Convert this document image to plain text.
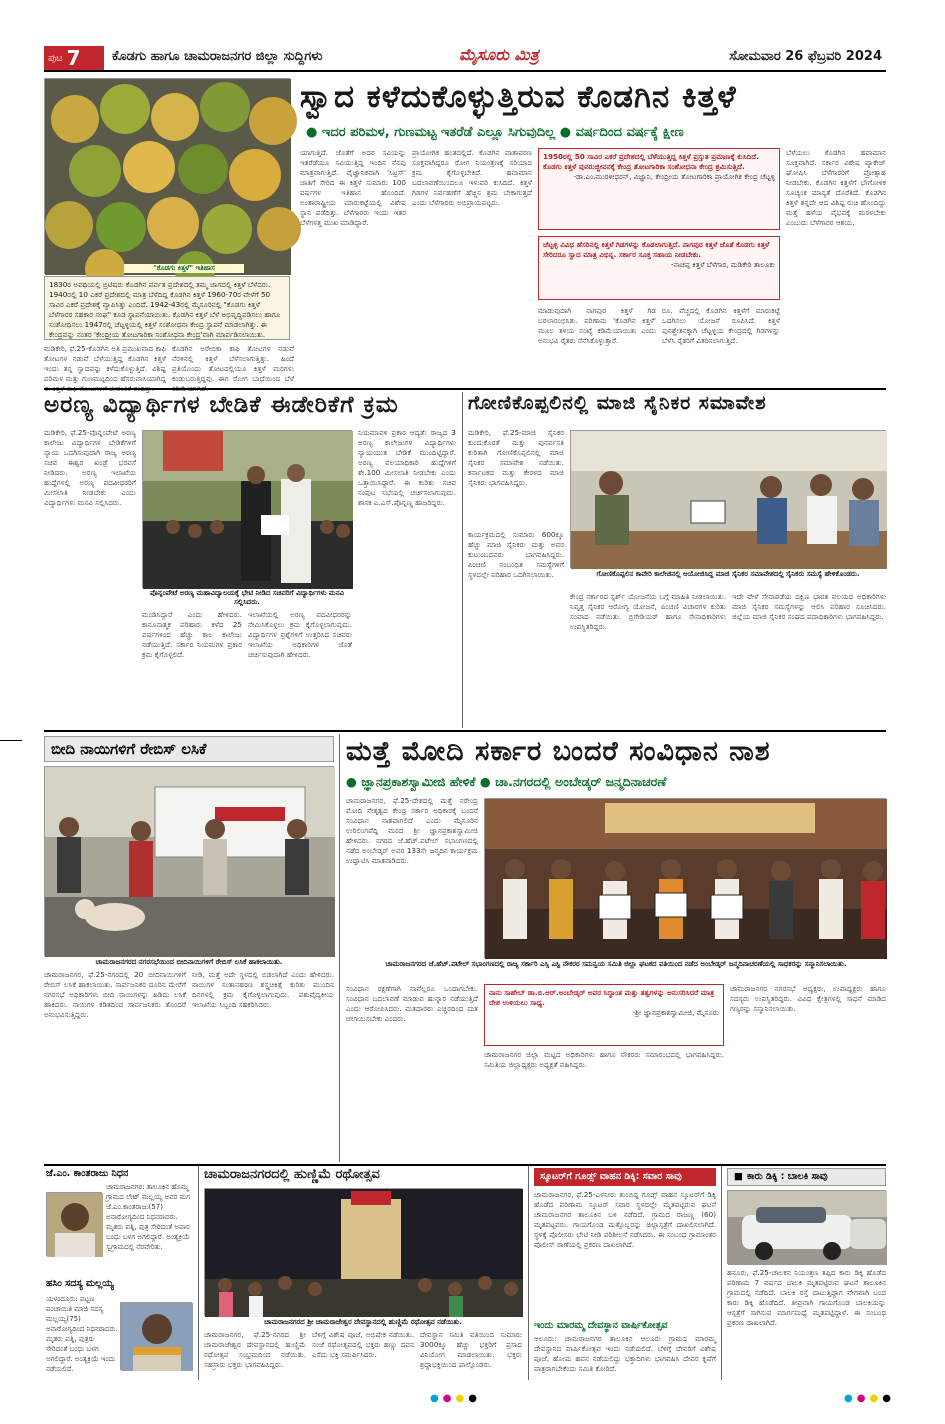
ಪುಟ 7 ಕೊಡಗು ಹಾಗೂ ಚಾಮರಾಜನಗರ ಜಿಲ್ಲಾ ಸುದ್ದಿಗಳು	ಮೈಸೂರು ಮಿತ್ರ	ಸೋಮವಾರ 26 ಫೆಬ್ರವರಿ 2024
"ಕೊಡಗು ಕಿತ್ತಳೆ" ಇತಿಹಾಸ
1830ರ ಅವಧಿಯಲ್ಲಿ ಬ್ರಿಟಿಷರು ಕೊಡಗಿನ ಪರ್ವತ ಪ್ರದೇಶದಲ್ಲಿ ತಮ್ಮ ಜಾಗದಲ್ಲಿ ಕಿತ್ತಳೆ ಬೆಳೆದರು. 1940ರಲ್ಲಿ 10 ಎಕರೆ ಪ್ರದೇಶದಲ್ಲಿ ಮಾತ್ರ ಬೆಳೆದಿದ್ದ ಕೊಡಗಿನ ಕಿತ್ತಳೆ 1960-70ರ ವೇಳೆಗೆ 50 ಸಾವಿರ ಎಕರೆ ಪ್ರದೇಶಕ್ಕೆ ವ್ಯಾಪಿಸಿತ್ತು ಎಂದಿದೆ. 1942-43ರಲ್ಲಿ ಮೈಸೂರಿನಲ್ಲಿ "ಕೊಡಗು ಕಿತ್ತಳೆ ಬೆಳೆಗಾರರ ಸಹಕಾರ ಸಂಘ" ಕೂಡ ಸ್ಥಾಪನೆಯಾಯಿತು. ಕೊಡಗಿನ ಕಿತ್ತಳೆ ಬೆಳೆ ಅಭಿವೃದ್ಧಿಪಡಿಸಲು ಹಾಗೂ ಸಂಶೋಧಿಸಲು 1947ರಲ್ಲಿ ಚೆಟ್ಟಳ್ಳಿಯಲ್ಲಿ ಕಿತ್ತಳೆ ಸಂಶೋಧನಾ ಕೇಂದ್ರ ಸ್ಥಾಪನೆ ಮಾಡಲಾಗಿತ್ತು. ಈ ಕೇಂದ್ರವನ್ನು ನಂತರ 'ಕೇಂದ್ರೀಯ ತೋಟಗಾರಿಕಾ ಸಂಶೋಧನಾ ಕೇಂದ್ರ'ವಾಗಿ ಮಾರ್ಪಡಿಸಲಾಯಿತು.
ಸ್ವಾದ ಕಳೆದುಕೊಳ್ಳುತ್ತಿರುವ ಕೊಡಗಿನ ಕಿತ್ತಳೆ
● ಇದರ ಪರಿಮಳ, ಗುಣಮಟ್ಟ ಇತರೆಡೆ ಎಲ್ಲೂ ಸಿಗುವುದಿಲ್ಲ ● ವರ್ಷದಿಂದ ವರ್ಷಕ್ಕೆ ಕ್ಷೀಣ
ಯಾಗುತ್ತಿದೆ. ಜೊತೆಗೆ ಅದರ ಸವಿಯನ್ನು ಇತರೆಡೆಯೂ ಸವಿಯುತ್ತಿದ್ದ ಇಂದಿನ ನೆನಪು ಮಾತ್ರವಾಗುತ್ತಿದೆ. ವೈಜ್ಞಾನಿಕವಾಗಿ 'ಸಿಟ್ರಸ್' ಜಾತಿಗೆ ಸೇರಿದ ಈ ಕಿತ್ತಳೆ ಸುಮಾರು 100 ವರ್ಷಗಳ ಇತಿಹಾಸ ಹೊಂದಿದೆ. ಅಂತಾರಾಷ್ಟ್ರೀಯ ಮಾರುಕಟ್ಟೆಯಲ್ಲಿ ವಿಶೇಷ ಸ್ಥಾನ ಪಡೆದಿತ್ತು. ಬೆಳೆಗಾರರು ಇಂದು ಇತರ ಬೆಳೆಗಳತ್ತ ಮುಖ ಮಾಡಿದ್ದಾರೆ.
ಪ್ರಾಯೋಗಿಕ ಹಂತದಲ್ಲಿದೆ. ಕೊಡಗಿನ ವಾತಾವರಣ ಸೂಕ್ತವಾಗಿದ್ದರೂ ರೋಗ ನಿಯಂತ್ರಣಕ್ಕೆ ಸರಿಯಾದ ಕ್ರಮ ಕೈಗೊಳ್ಳಬೇಕಿದೆ. ಹವಾಮಾನ ಬದಲಾವಣೆಯಿಂದಲೂ ಇಳುವರಿ ಕುಸಿದಿದೆ. ಕಿತ್ತಳೆ ಗಿಡಗಳ ನಿರ್ವಹಣೆಗೆ ಹೆಚ್ಚಿನ ಶ್ರಮ ಬೇಕಾಗುತ್ತದೆ ಎಂದು ಬೆಳೆಗಾರರು ಅಭಿಪ್ರಾಯಪಟ್ಟರು.
1950ರಲ್ಲಿ 50 ಸಾವಿರ ಎಕರೆ ಪ್ರದೇಶದಲ್ಲಿ ಬೆಳೆಯುತ್ತಿದ್ದ ಕಿತ್ತಳೆ ಪ್ರಸ್ತುತ ಪ್ರಮಾಣಕ್ಕೆ ಕುಸಿದಿದೆ. ಕೊಡಗು ಕಿತ್ತಳೆ ಪುನರುಜ್ಜೀವನಕ್ಕೆ ಕೇಂದ್ರ ತೋಟಗಾರಿಕಾ ಸಂಶೋಧನಾ ಕೇಂದ್ರ ಶ್ರಮಿಸುತ್ತಿದೆ.
-ಡಾ.ಎಂ.ಮುರಳೀಧರನ್, ವಿಜ್ಞಾನಿ, ಕೇಂದ್ರೀಯ ತೋಟಗಾರಿಕಾ ಪ್ರಾಯೋಗಿಕ ಕೇಂದ್ರ ಚೆಟ್ಟಳ್ಳಿ
ಚೆಟ್ಟಳ್ಳಿ ವಿವಿಧ ಹೆಸರಿನಲ್ಲಿ ಕಿತ್ತಳೆ ಗಿಡಗಳನ್ನು ಕೊಡಲಾಗುತ್ತಿದೆ. ನಾಗಪುರ ಕಿತ್ತಳೆ ಜೊತೆ ಕೊಡಗು ಕಿತ್ತಳೆ ಸೇರಿದರೂ ಸ್ವಾದ ಮಾತ್ರ ವಿಭಿನ್ನ. ಸರ್ಕಾರ ಸೂಕ್ತ ಸಹಾಯ ನೀಡಬೇಕು.
-ನಾಚಪ್ಪ ಕಿತ್ತಳೆ ಬೆಳೆಗಾರ, ಮಡಿಕೇರಿ ತಾಲೂಕು
ಮಾಡುವುದಾಗಿ ನಾಗಪುರ ಕಿತ್ತಳೆ ಗಿಡ ಬರಲಾರಂಭಿಸಿತು. ಪರಿಣಾಮ 'ಕೊಡಗಿನ ಕಿತ್ತಳೆ' ಮೂಲ ತಳಿಯ ಸಂಖ್ಯೆ ಕಡಿಮೆಯಾಯಿತು ಎಂದು ಅನುಭವಿ ರೈತರು ನೆನೆಸಿಕೊಳ್ಳುತ್ತಾರೆ.
ರೂ. ವೆಚ್ಚದಲ್ಲಿ ಕೊಡಗಿನ ಕಿತ್ತಳೆಗೆ ಮಾರುಕಟ್ಟೆ ಒದಗಿಸಲು ಯೋಜನೆ ರೂಪಿಸಿದೆ. ಕಿತ್ತಳೆ ಪುನಶ್ಚೇತನಕ್ಕಾಗಿ ಚೆಟ್ಟಳ್ಳಿಯ ಕೇಂದ್ರದಲ್ಲಿ ಗಿಡಗಳನ್ನು ಬೆಳೆಸಿ ರೈತರಿಗೆ ವಿತರಿಸಲಾಗುತ್ತಿದೆ.
ಬೆಳೆಯಲು ಕೊಡಗಿನ ಹವಾಮಾನ ಸೂಕ್ತವಾಗಿದೆ. ಸರ್ಕಾರ ವಿಶೇಷ ಪ್ಯಾಕೇಜ್ ಘೋಷಿಸಿ ಬೆಳೆಗಾರರಿಗೆ ಪ್ರೋತ್ಸಾಹ ನೀಡಬೇಕು. ಕೊಡಗಿನ ಕಿತ್ತಳೆಗೆ ಭೌಗೋಳಿಕ ಸೂಚ್ಯಂಕ ಮಾನ್ಯತೆ ದೊರೆತಿದೆ. ಕೊಡಗಿನ ಕಿತ್ತಳೆ ತನ್ನದೇ ಆದ ವಿಶಿಷ್ಟ ರುಚಿ ಹೊಂದಿದ್ದು ಮತ್ತೆ ಹಳೆಯ ವೈಭವಕ್ಕೆ ಮರಳಬೇಕು ಎಂಬುದು ಬೆಳೆಗಾರರ ಆಶಯ.
ಮಡಿಕೇರಿ, ಫೆ.25-ಕೊಡಗಿನ ಅತಿ ಪ್ರಮುಖವಾದ ಕಾಫಿ ತೋಟಗಳ ನಡುವೆ ಬೆಳೆಯುತ್ತಿದ್ದ ಕೊಡಗಿನ ಕಿತ್ತಳೆ ಇಂದು ತನ್ನ ಸ್ವಾದವನ್ನು ಕಳೆದುಕೊಳ್ಳುತ್ತಿದೆ. ವಿಶಿಷ್ಟ ಪರಿಮಳ ಮತ್ತು ಗುಣಮಟ್ಟದಿಂದ ಹೆಸರುವಾಸಿಯಾಗಿದ್ದ
ಕೊಡಗಿನ ಅರೇಬಿಕಾ ಕಾಫಿ ತೋಟಗಳ ನಡುವೆ ನೆರಳಿನಲ್ಲಿ ಕಿತ್ತಳೆ ಬೆಳೆಸಲಾಗುತ್ತಿತ್ತು. ಹಿಂದೆ ಪ್ರತಿಯೊಂದು ತೋಟದಲ್ಲಿಯೂ ಕಿತ್ತಳೆ ಮರಗಳು ಕಂಡುಬರುತ್ತಿದ್ದವು. ಈಗ ರೋಗ ಬಾಧೆಯಿಂದ ಬೆಳೆ
ಅರಣ್ಯ ವಿದ್ಯಾರ್ಥಿಗಳ ಬೇಡಿಕೆ ಈಡೇರಿಕೆಗೆ ಕ್ರಮ
ಮಡಿಕೇರಿ, ಫೆ.25-ಪೊನ್ನಂಪೇಟೆ ಅರಣ್ಯ ಕಾಲೇಜು ವಿದ್ಯಾರ್ಥಿಗಳ ಬೇಡಿಕೆಗಳಿಗೆ ನ್ಯಾಯ ಒದಗಿಸುವುದಾಗಿ ರಾಜ್ಯ ಅರಣ್ಯ ಸಚಿವ ಈಶ್ವರ ಖಂಡ್ರೆ ಭರವಸೆ ನೀಡಿದರು. ಅರಣ್ಯ ಇಲಾಖೆಯ ಹುದ್ದೆಗಳಲ್ಲಿ ಅರಣ್ಯ ಪದವೀಧರರಿಗೆ ಮೀಸಲಾತಿ ನೀಡಬೇಕು ಎಂದು ವಿದ್ಯಾರ್ಥಿಗಳು ಮನವಿ ಸಲ್ಲಿಸಿದರು.
ಪೊನ್ನಂಪೇಟೆ ಅರಣ್ಯ ಮಹಾವಿದ್ಯಾಲಯಕ್ಕೆ ಭೇಟಿ ನೀಡಿದ ಸಚಿವರಿಗೆ ವಿದ್ಯಾರ್ಥಿಗಳು ಮನವಿ ಸಲ್ಲಿಸಿದರು.
ಮಂಡಿಸಿದ್ದಾರೆ ಎಂದು ಹೇಳಿದರು. ಕಾನೂನಾತ್ಮಕ ಪರಿಹಾರ: ಕಳೆದ 25 ವರ್ಷಗಳಿಂದ ಹೆಚ್ಚು ಕಾಲ ಕಾಲೇಜು ನಡೆಯುತ್ತಿದೆ. ಸರ್ಕಾರ ನಿಯಮಗಳ ಪ್ರಕಾರ ಕ್ರಮ ಕೈಗೊಳ್ಳಲಿದೆ.
ಇಲಾಖೆಯಲ್ಲಿ ಅರಣ್ಯ ಪದವೀಧರರನ್ನು ನೇಮಿಸಿಕೊಳ್ಳಲು ಕ್ರಮ ಕೈಗೊಳ್ಳಲಾಗುವುದು. ವಿದ್ಯಾರ್ಥಿಗಳ ಪ್ರಶ್ನೆಗಳಿಗೆ ಉತ್ತರಿಸಿದ ಸಚಿವರು ಇಲಾಖೆಯ ಅಧಿಕಾರಿಗಳ ಜೊತೆ ಚರ್ಚಿಸುವುದಾಗಿ ಹೇಳಿದರು.
ನಿಯಮಾವಳಿ ಪ್ರಕಾರ ಆದ್ಯತೆ: ರಾಜ್ಯದ 3 ಅರಣ್ಯ ಕಾಲೇಜುಗಳ ವಿದ್ಯಾರ್ಥಿಗಳು ನ್ಯಾಯಯುತ ಬೇಡಿಕೆ ಮುಂದಿಟ್ಟಿದ್ದಾರೆ. ಅರಣ್ಯ ವಲಯಾಧಿಕಾರಿ ಹುದ್ದೆಗಳಿಗೆ ಶೇ.100 ಮೀಸಲಾತಿ ನೀಡಬೇಕು ಎಂದು ಒತ್ತಾಯಿಸಿದ್ದಾರೆ. ಈ ಕುರಿತು ಸಚಿವ ಸಂಪುಟ ಸಭೆಯಲ್ಲಿ ಚರ್ಚಿಸಲಾಗುವುದು. ಶಾಸಕ ಎ.ಎಸ್.ಪೊನ್ನಣ್ಣ ಹಾಜರಿದ್ದರು.
ಗೋಣಿಕೊಪ್ಪಲಿನಲ್ಲಿ ಮಾಜಿ ಸೈನಿಕರ ಸಮಾವೇಶ
ಮಡಿಕೇರಿ, ಫೆ.25-ಮಾಜಿ ಸೈನಿಕರ ಕುಂದುಕೊರತೆ ಮತ್ತು ಪುನರ್ವಸತಿ ಕುರಿತಾಗಿ ಗೋಣಿಕೊಪ್ಪಲಿನಲ್ಲಿ ಮಾಜಿ ಸೈನಿಕರ ಸಮಾವೇಶ ನಡೆಯಿತು. ಕರ್ನಾಟಕದ ಮತ್ತು ಕೇರಳದ ಮಾಜಿ ಸೈನಿಕರು ಭಾಗವಹಿಸಿದ್ದರು.
ಕಾರ್ಯಕ್ರಮದಲ್ಲಿ ಸುಮಾರು 600ಕ್ಕೂ ಹೆಚ್ಚು ಮಾಜಿ ಸೈನಿಕರು ಮತ್ತು ಅವರ ಕುಟುಂಬದವರು ಭಾಗವಹಿಸಿದ್ದರು. ಪಿಂಚಣಿ ಸಂಬಂಧಿತ ಸಮಸ್ಯೆಗಳಿಗೆ ಸ್ಥಳದಲ್ಲೇ ಪರಿಹಾರ ಒದಗಿಸಲಾಯಿತು.	ಗೋಣಿಕೊಪ್ಪಲಿನ ಕಾವೇರಿ ಕಾಲೇಜಿನಲ್ಲಿ ಆಯೋಜಿಸಿದ್ದ ಮಾಜಿ ಸೈನಿಕರ ಸಮಾವೇಶದಲ್ಲಿ ಸೈನಿಕರು ಸಮಸ್ಯೆ ಹೇಳಿಕೊಂಡರು.
ಕೇಂದ್ರ ಸರ್ಕಾರದ ಸ್ಪರ್ಶ್ ಯೋಜನೆಯ ಬಗ್ಗೆ ಮಾಹಿತಿ ನೀಡಲಾಯಿತು. ನಿವೃತ್ತ ಸೈನಿಕರ ಆರೋಗ್ಯ ಯೋಜನೆ, ಪಿಂಚಣಿ ವಿಚಾರಗಳ ಕುರಿತು ಸಂವಾದ ನಡೆಯಿತು. ಬ್ರಿಗೇಡಿಯರ್ ಹಾಗೂ ಸೇನಾಧಿಕಾರಿಗಳು ಉಪಸ್ಥಿತರಿದ್ದರು.
ಇದೇ ವೇಳೆ ಸೇನಾಪಡೆಯ ದಕ್ಷಿಣ ಭಾರತ ವಲಯದ ಅಧಿಕಾರಿಗಳು ಮಾಜಿ ಸೈನಿಕರ ಸಮಸ್ಯೆಗಳನ್ನು ಆಲಿಸಿ ಪರಿಹಾರ ಸೂಚಿಸಿದರು. ಜಿಲ್ಲೆಯ ಮಾಜಿ ಸೈನಿಕರ ಸಂಘದ ಪದಾಧಿಕಾರಿಗಳು ಭಾಗವಹಿಸಿದ್ದರು.
ಬೀದಿ ನಾಯಿಗಳಿಗೆ ರೇಬಿಸ್ ಲಸಿಕೆ
ಚಾಮರಾಜನಗರದ ನಗರಸಭೆಯಿಂದ ಬೀದಿನಾಯಿಗಳಿಗೆ ರೇಬಿಸ್ ಲಸಿಕೆ ಹಾಕಲಾಯಿತು.
ಚಾಮರಾಜನಗರ, ಫೆ.25-ನಗರದಲ್ಲಿ 20 ಬೀದಿನಾಯಿಗಳಿಗೆ ರೇಬಿಸ್ ಲಸಿಕೆ ಹಾಕಲಾಯಿತು. ಸಾರ್ವಜನಿಕರ ದೂರಿನ ಮೇರೆಗೆ ನಗರಸಭೆ ಅಧಿಕಾರಿಗಳು ಬೀದಿ ನಾಯಿಗಳನ್ನು ಹಿಡಿದು ಲಸಿಕೆ ಹಾಕಿದರು. ನಾಯಿಗಳ ಕಡಿತದಿಂದ ಸಾರ್ವಜನಿಕರು ತೊಂದರೆ ಅನುಭವಿಸುತ್ತಿದ್ದರು.
ನೀಡಿ, ಮತ್ತೆ ಅದೇ ಸ್ಥಳದಲ್ಲಿ ಬಿಡಲಾಗಿದೆ ಎಂದು ಹೇಳಿದರು. ನಾಯಿಗಳ ಸಂತಾನಹರಣ ಶಸ್ತ್ರಚಿಕಿತ್ಸೆ ಕುರಿತು ಮುಂದಿನ ದಿನಗಳಲ್ಲಿ ಕ್ರಮ ಕೈಗೊಳ್ಳಲಾಗುವುದು. ಪಶುವೈದ್ಯಕೀಯ ಇಲಾಖೆಯ ಸಿಬ್ಬಂದಿ ಸಹಕರಿಸಿದರು.
ಮತ್ತೆ ಮೋದಿ ಸರ್ಕಾರ ಬಂದರೆ ಸಂವಿಧಾನ ನಾಶ
● ಜ್ಞಾನಪ್ರಕಾಶಸ್ವಾಮೀಜಿ ಹೇಳಿಕೆ ● ಚಾ.ನಗರದಲ್ಲಿ ಅಂಬೇಡ್ಕರ್ ಜನ್ಮದಿನಾಚರಣೆ
ಚಾಮರಾಜನಗರ, ಫೆ.25-ದೇಶದಲ್ಲಿ ಮತ್ತೆ ನರೇಂದ್ರ ಮೋದಿ ನೇತೃತ್ವದ ಕೇಂದ್ರ ಸರ್ಕಾರ ಅಧಿಕಾರಕ್ಕೆ ಬಂದರೆ ಸಂವಿಧಾನ ನಾಶವಾಗಲಿದೆ ಎಂದು ಮೈಸೂರಿನ ಉರಿಲಿಂಗಪೆದ್ದಿ ಮಠದ ಶ್ರೀ ಜ್ಞಾನಪ್ರಕಾಶಸ್ವಾಮೀಜಿ ಹೇಳಿದರು. ನಗರದ ಜೆ.ಹೆಚ್.ಪಟೇಲ್ ಸಭಾಂಗಣದಲ್ಲಿ ನಡೆದ ಅಂಬೇಡ್ಕರ್ ಅವರ 133ನೇ ಜನ್ಮದಿನ ಕಾರ್ಯಕ್ರಮ ಉದ್ಘಾಟಿಸಿ ಮಾತನಾಡಿದರು.
ಚಾಮರಾಜನಗರದ ಜೆ.ಹೆಚ್.ಪಟೇಲ್ ಸಭಾಂಗಣದಲ್ಲಿ ರಾಜ್ಯ ಸರ್ಕಾರಿ ಎಸ್ಸಿ ಎಸ್ಟಿ ನೌಕರರ ಸಮನ್ವಯ ಸಮಿತಿ ಜಿಲ್ಲಾ ಘಟಕದ ವತಿಯಿಂದ ನಡೆದ ಅಂಬೇಡ್ಕರ್ ಜನ್ಮದಿನಾಚರಣೆಯಲ್ಲಿ ಸಾಧಕರನ್ನು ಸನ್ಮಾನಿಸಲಾಯಿತು.
ಸಂವಿಧಾನ ರಕ್ಷಣೆಗಾಗಿ ನಾವೆಲ್ಲರೂ ಒಂದಾಗಬೇಕು. ಸಂವಿಧಾನ ಬದಲಾವಣೆ ಮಾಡುವ ಹುನ್ನಾರ ನಡೆಯುತ್ತಿದೆ ಎಂದು ಆರೋಪಿಸಿದರು. ಮತದಾರರು ಎಚ್ಚರದಿಂದ ಮತ ಚಲಾಯಿಸಬೇಕು ಎಂದರು.
ನಾನು ಸಾಹೇಬ್ ಡಾ.ಬಿ.ಆರ್.ಅಂಬೇಡ್ಕರ್ ಅವರ ಸಿದ್ಧಾಂತ ಮತ್ತು ತತ್ವಗಳನ್ನು ಅನುಸರಿಸಿದರೆ ಮಾತ್ರ ದೇಶ ಉಳಿಯಲು ಸಾಧ್ಯ.
-ಶ್ರೀ ಜ್ಞಾನಪ್ರಕಾಶಸ್ವಾಮೀಜಿ, ಮೈಸೂರು
ಚಾಮರಾಜನಗರ ಜಿಲ್ಲಾ ಮಟ್ಟದ ಅಧಿಕಾರಿಗಳು ಹಾಗೂ ನೌಕರರು ಸಮಾರಂಭದಲ್ಲಿ ಭಾಗವಹಿಸಿದ್ದರು. ಸಮಿತಿಯ ಜಿಲ್ಲಾಧ್ಯಕ್ಷರು ಅಧ್ಯಕ್ಷತೆ ವಹಿಸಿದ್ದರು.
ಚಾಮರಾಜನಗರ ನಗರಸಭೆ ಅಧ್ಯಕ್ಷರು, ಉಪಾಧ್ಯಕ್ಷರು ಹಾಗೂ ಸದಸ್ಯರು ಉಪಸ್ಥಿತರಿದ್ದರು. ವಿವಿಧ ಕ್ಷೇತ್ರಗಳಲ್ಲಿ ಸಾಧನೆ ಮಾಡಿದ ಗಣ್ಯರನ್ನು ಸನ್ಮಾನಿಸಲಾಯಿತು.
ಜೆ.ಎಂ. ಕಾಂತರಾಜು ನಿಧನ
ಚಾಮರಾಜನಗರ: ತಾಲೂಕಿನ ಹೊಮ್ಮ ಗ್ರಾಮದ ಲೇಟ್ ಮಲ್ಲಯ್ಯ ಅವರ ಮಗ ಜೆ.ಎಂ.ಕಾಂತರಾಜು(57) ಅನಾರೋಗ್ಯದಿಂದ ನಿಧನರಾದರು. ಮೃತರು ಪತ್ನಿ, ಪುತ್ರ ಸೇರಿದಂತೆ ಅಪಾರ ಬಂಧು ಬಳಗ ಅಗಲಿದ್ದಾರೆ. ಅಂತ್ಯಕ್ರಿಯೆ ಸ್ವಗ್ರಾಮದಲ್ಲಿ ನೆರವೇರಿತು.
ಹಸಿಂ ಸದಸ್ಯ ಮಲ್ಲಯ್ಯ
ಯಳಂದೂರು: ಪಟ್ಟಣ ಪಂಚಾಯಿತಿ ಮಾಜಿ ಸದಸ್ಯ ಮಲ್ಲಯ್ಯ(75) ಅನಾರೋಗ್ಯದಿಂದ ನಿಧನರಾದರು. ಮೃತರು ಪತ್ನಿ, ಪುತ್ರರು ಸೇರಿದಂತೆ ಬಂಧು ಬಳಗ ಅಗಲಿದ್ದಾರೆ. ಅಂತ್ಯಕ್ರಿಯೆ ಇಂದು ನಡೆಯಲಿದೆ.
ಚಾಮರಾಜನಗರದಲ್ಲಿ ಹುಣ್ಣಿಮೆ ರಥೋತ್ಸವ
ಚಾಮರಾಜನಗರದ ಶ್ರೀ ಚಾಮರಾಜೇಶ್ವರ ದೇವಸ್ಥಾನದಲ್ಲಿ ಹುಣ್ಣಿಮೆ ರಥೋತ್ಸವ ನಡೆಯಿತು.
ಚಾಮರಾಜನಗರ, ಫೆ.25-ನಗರದ ಶ್ರೀ ಚಾಮರಾಜೇಶ್ವರ ದೇವಸ್ಥಾನದಲ್ಲಿ ಹುಣ್ಣಿಮೆ ರಥೋತ್ಸವ ಸಂಭ್ರಮದಿಂದ ನಡೆಯಿತು. ಸಹಸ್ರಾರು ಭಕ್ತರು ಭಾಗವಹಿಸಿದ್ದರು.
ಬೆಳಿಗ್ಗೆ ವಿಶೇಷ ಪೂಜೆ, ಅಭಿಷೇಕ ನಡೆಯಿತು. ಸಂಜೆ ರಥೋತ್ಸವದಲ್ಲಿ ಭಕ್ತರು ಹಣ್ಣು ದವನ ಎಸೆದು ಭಕ್ತಿ ಸಮರ್ಪಿಸಿದರು.
ದೇವಸ್ಥಾನ ಸಮಿತಿ ವತಿಯಿಂದ ಸುಮಾರು 3000ಕ್ಕೂ ಹೆಚ್ಚು ಭಕ್ತರಿಗೆ ಪ್ರಸಾದ ವಿನಿಯೋಗ ಮಾಡಲಾಯಿತು. ಭಕ್ತರು ಶ್ರದ್ಧಾಭಕ್ತಿಯಿಂದ ಪಾಲ್ಗೊಂಡರು.
ಸ್ಕೂಟರ್‌ಗೆ ಗೂಡ್ಸ್ ವಾಹನ ಡಿಕ್ಕಿ: ಸವಾರ ಸಾವು
ಚಾಮರಾಜನಗರ, ಫೆ.25-ಎಳನೀರು ತುಂಬಿದ್ದ ಗೂಡ್ಸ್ ವಾಹನ ಸ್ಕೂಟರ್‌ಗೆ ಡಿಕ್ಕಿ ಹೊಡೆದ ಪರಿಣಾಮ ಸ್ಕೂಟರ್ ಸವಾರ ಸ್ಥಳದಲ್ಲೇ ಮೃತಪಟ್ಟಿರುವ ಘಟನೆ ಚಾಮರಾಜನಗರ ತಾಲೂಕಿನ ಬಳಿ ನಡೆದಿದೆ. ಗ್ರಾಮದ ರಾಜಣ್ಣ (60) ಮೃತಪಟ್ಟವರು. ಗಾಯಗೊಂಡ ಮತ್ತೊಬ್ಬರನ್ನು ಜಿಲ್ಲಾಸ್ಪತ್ರೆಗೆ ದಾಖಲಿಸಲಾಗಿದೆ. ಸ್ಥಳಕ್ಕೆ ಪೊಲೀಸರು ಭೇಟಿ ನೀಡಿ ಪರಿಶೀಲನೆ ನಡೆಸಿದರು. ಈ ಸಂಬಂಧ ಗ್ರಾಮಾಂತರ ಪೊಲೀಸ್ ಠಾಣೆಯಲ್ಲಿ ಪ್ರಕರಣ ದಾಖಲಾಗಿದೆ.
ಇಂದು ಮಾರಮ್ಮ ದೇವಸ್ಥಾನ ವಾರ್ಷಿಕೋತ್ಸವ
ಆಲೂರು: ಚಾಮರಾಜನಗರ ತಾಲೂಕಿನ ಆಲೂರು ಗ್ರಾಮದ ಮಾರಮ್ಮ ದೇವಸ್ಥಾನದ ವಾರ್ಷಿಕೋತ್ಸವ ಇಂದು ನಡೆಯಲಿದೆ. ಬೆಳಿಗ್ಗೆ ದೇವರಿಗೆ ವಿಶೇಷ ಪೂಜೆ, ಹೋಮ ಹವನ ನಡೆಯಲಿದ್ದು ಭಕ್ತಾದಿಗಳು ಭಾಗವಹಿಸಿ ದೇವರ ಕೃಪೆಗೆ ಪಾತ್ರರಾಗಬೇಕೆಂದು ಸಮಿತಿ ಕೋರಿದೆ.
■ ಕಾರು ಡಿಕ್ಕಿ : ಬಾಲಕಿ ಸಾವು
ಹನೂರು, ಫೆ.25-ಚಾಲಕನ ನಿಯಂತ್ರಣ ತಪ್ಪಿದ ಕಾರು ಡಿಕ್ಕಿ ಹೊಡೆದ ಪರಿಣಾಮ 7 ವರ್ಷದ ಬಾಲಕಿ ಮೃತಪಟ್ಟಿರುವ ಘಟನೆ ತಾಲೂಕಿನ ಗ್ರಾಮದಲ್ಲಿ ನಡೆದಿದೆ. ಬಾಲಕಿ ರಸ್ತೆ ದಾಟುತ್ತಿದ್ದಾಗ ವೇಗವಾಗಿ ಬಂದ ಕಾರು ಡಿಕ್ಕಿ ಹೊಡೆದಿದೆ. ತೀವ್ರವಾಗಿ ಗಾಯಗೊಂಡ ಬಾಲಕಿಯನ್ನು ಆಸ್ಪತ್ರೆಗೆ ಸಾಗಿಸುವ ಮಾರ್ಗಮಧ್ಯೆ ಮೃತಪಟ್ಟಿದ್ದಾಳೆ. ಈ ಸಂಬಂಧ ಪ್ರಕರಣ ದಾಖಲಾಗಿದೆ.
●●●●	●●●●
